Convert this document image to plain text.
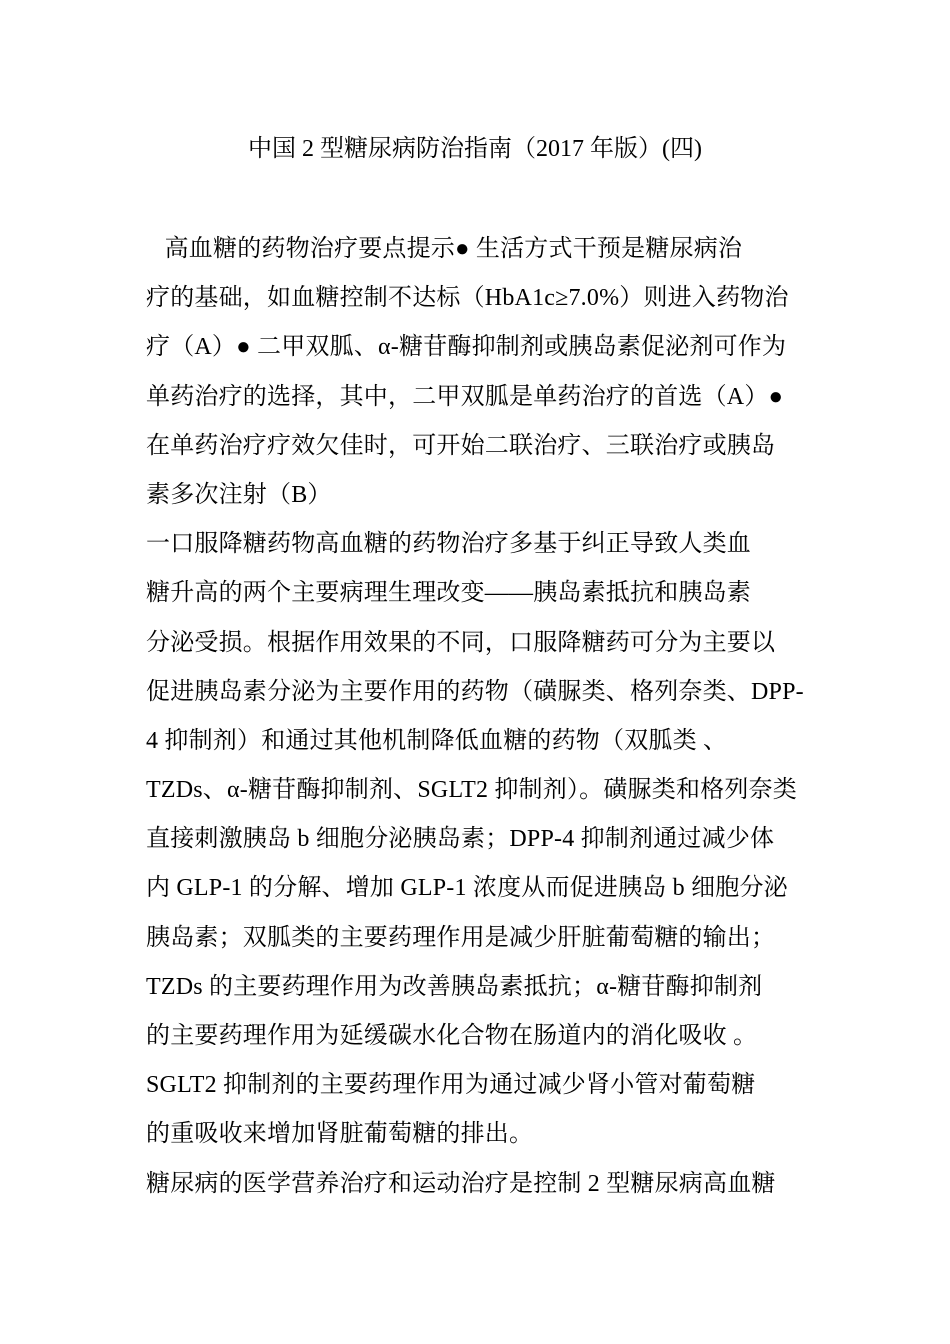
中国 2 型糖尿病防治指南（2017 年版）(四)
高血糖的药物治疗要点提示● 生活方式干预是糖尿病治
疗的基础，如血糖控制不达标（HbA1c≥7.0%）则进入药物治
疗（A）● 二甲双胍、α-糖苷酶抑制剂或胰岛素促泌剂可作为
单药治疗的选择，其中，二甲双胍是单药治疗的首选（A）●
在单药治疗疗效欠佳时，可开始二联治疗、三联治疗或胰岛
素多次注射（B）
一口服降糖药物高血糖的药物治疗多基于纠正导致人类血
糖升高的两个主要病理生理改变——胰岛素抵抗和胰岛素
分泌受损。根据作用效果的不同，口服降糖药可分为主要以
促进胰岛素分泌为主要作用的药物（磺脲类、格列奈类、DPP-
4 抑制剂）和通过其他机制降低血糖的药物（双胍类 、
TZDs、α-糖苷酶抑制剂、SGLT2 抑制剂）。磺脲类和格列奈类
直接刺激胰岛 b 细胞分泌胰岛素；DPP-4 抑制剂通过减少体
内 GLP-1 的分解、增加 GLP-1 浓度从而促进胰岛 b 细胞分泌
胰岛素；双胍类的主要药理作用是减少肝脏葡萄糖的输出；
TZDs 的主要药理作用为改善胰岛素抵抗；α-糖苷酶抑制剂
的主要药理作用为延缓碳水化合物在肠道内的消化吸收 。
SGLT2 抑制剂的主要药理作用为通过减少肾小管对葡萄糖
的重吸收来增加肾脏葡萄糖的排出。
糖尿病的医学营养治疗和运动治疗是控制 2 型糖尿病高血糖
